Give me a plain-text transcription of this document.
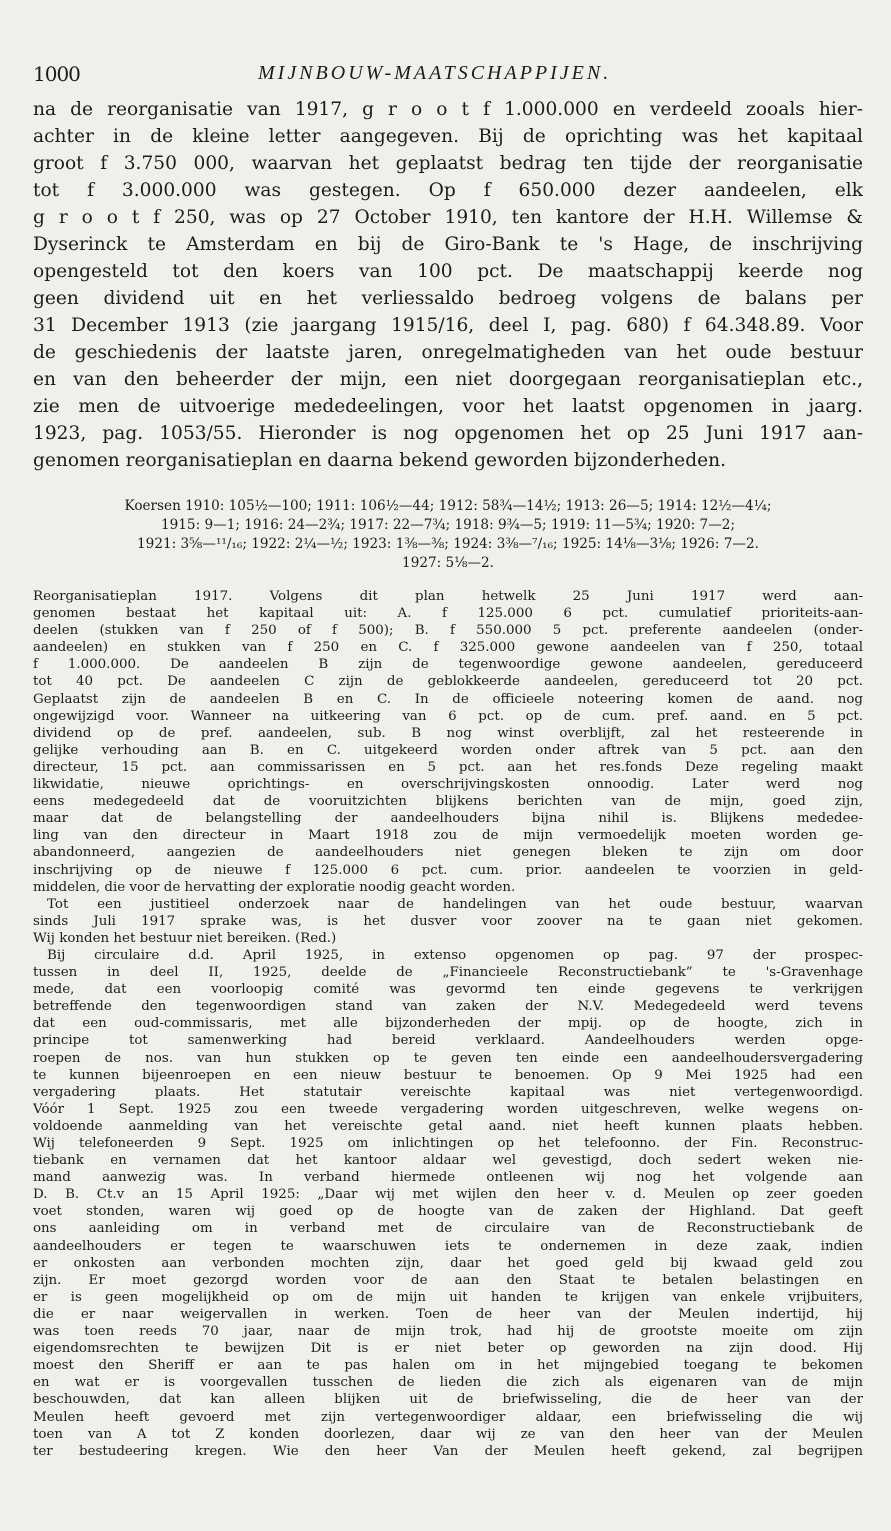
1000	MIJNBOUW-MAATSCHAPPIJEN.
na de reorganisatie van 1917, g r o o t f 1.000.000 en verdeeld zooals hier-
achter in de kleine letter aangegeven. Bij de oprichting was het kapitaal
groot f 3.750 000, waarvan het geplaatst bedrag ten tijde der reorganisatie
tot f 3.000.000 was gestegen. Op f 650.000 dezer aandeelen, elk
g r o o t f 250, was op 27 October 1910, ten kantore der H.H. Willemse &
Dyserinck te Amsterdam en bij de Giro-Bank te 's Hage, de inschrijving
opengesteld tot den koers van 100 pct. De maatschappij keerde nog
geen dividend uit en het verliessaldo bedroeg volgens de balans per
31 December 1913 (zie jaargang 1915/16, deel I, pag. 680) f 64.348.89. Voor
de geschiedenis der laatste jaren, onregelmatigheden van het oude bestuur
en van den beheerder der mijn, een niet doorgegaan reorganisatieplan etc.,
zie men de uitvoerige mededeelingen, voor het laatst opgenomen in jaarg.
1923, pag. 1053/55. Hieronder is nog opgenomen het op 25 Juni 1917 aan-
genomen reorganisatieplan en daarna bekend geworden bijzonderheden.
Koersen 1910: 105½—100; 1911: 106½—44; 1912: 58¾—14½; 1913: 26—5; 1914: 12½—4¼;
1915: 9—1; 1916: 24—2¾; 1917: 22—7¾; 1918: 9¾—5; 1919: 11—5¾; 1920: 7—2;
1921: 3⅝—¹¹/₁₆; 1922: 2¼—½; 1923: 1⅜—⅜; 1924: 3⅜—⁷/₁₆; 1925: 14⅛—3⅛; 1926: 7—2.
1927: 5⅛—2.
Reorganisatieplan 1917. Volgens dit plan hetwelk 25 Juni 1917 werd aan-
genomen bestaat het kapitaal uit: A. f 125.000 6 pct. cumulatief prioriteits-aan-
deelen (stukken van f 250 of f 500); B. f 550.000 5 pct. preferente aandeelen (onder-
aandeelen) en stukken van f 250 en C. f 325.000 gewone aandeelen van f 250, totaal
f 1.000.000. De aandeelen B zijn de tegenwoordige gewone aandeelen, gereduceerd
tot 40 pct. De aandeelen C zijn de geblokkeerde aandeelen, gereduceerd tot 20 pct.
Geplaatst zijn de aandeelen B en C. In de officieele noteering komen de aand. nog
ongewijzigd voor. Wanneer na uitkeering van 6 pct. op de cum. pref. aand. en 5 pct.
dividend op de pref. aandeelen, sub. B nog winst overblijft, zal het resteerende in
gelijke verhouding aan B. en C. uitgekeerd worden onder aftrek van 5 pct. aan den
directeur, 15 pct. aan commissarissen en 5 pct. aan het res.fonds Deze regeling maakt
likwidatie, nieuwe oprichtings- en overschrijvingskosten onnoodig. Later werd nog
eens medegedeeld dat de vooruitzichten blijkens berichten van de mijn, goed zijn,
maar dat de belangstelling der aandeelhouders bijna nihil is. Blijkens mededee-
ling van den directeur in Maart 1918 zou de mijn vermoedelijk moeten worden ge-
abandonneerd, aangezien de aandeelhouders niet genegen bleken te zijn om door
inschrijving op de nieuwe f 125.000 6 pct. cum. prior. aandeelen te voorzien in geld-
middelen, die voor de hervatting der exploratie noodig geacht worden.
Tot een justitieel onderzoek naar de handelingen van het oude bestuur, waarvan
sinds Juli 1917 sprake was, is het dusver voor zoover na te gaan niet gekomen.
Wij konden het bestuur niet bereiken. (Red.)
Bij circulaire d.d. April 1925, in extenso opgenomen op pag. 97 der prospec-
tussen in deel II, 1925, deelde de „Financieele Reconstructiebank” te 's-Gravenhage
mede, dat een voorloopig comité was gevormd ten einde gegevens te verkrijgen
betreffende den tegenwoordigen stand van zaken der N.V. Medegedeeld werd tevens
dat een oud-commissaris, met alle bijzonderheden der mpij. op de hoogte, zich in
principe tot samenwerking had bereid verklaard. Aandeelhouders werden opge-
roepen de nos. van hun stukken op te geven ten einde een aandeelhoudersvergadering
te kunnen bijeenroepen en een nieuw bestuur te benoemen. Op 9 Mei 1925 had een
vergadering plaats. Het statutair vereischte kapitaal was niet vertegenwoordigd.
Vóór 1 Sept. 1925 zou een tweede vergadering worden uitgeschreven, welke wegens on-
voldoende aanmelding van het vereischte getal aand. niet heeft kunnen plaats hebben.
Wij telefoneerden 9 Sept. 1925 om inlichtingen op het telefoonno. der Fin. Reconstruc-
tiebank en vernamen dat het kantoor aldaar wel gevestigd, doch sedert weken nie-
mand aanwezig was. In verband hiermede ontleenen wij nog het volgende aan
D. B. Ct.v an 15 April 1925: „Daar wij met wijlen den heer v. d. Meulen op zeer goeden
voet stonden, waren wij goed op de hoogte van de zaken der Highland. Dat geeft
ons aanleiding om in verband met de circulaire van de Reconstructiebank de
aandeelhouders er tegen te waarschuwen iets te ondernemen in deze zaak, indien
er onkosten aan verbonden mochten zijn, daar het goed geld bij kwaad geld zou
zijn. Er moet gezorgd worden voor de aan den Staat te betalen belastingen en
er is geen mogelijkheid op om de mijn uit handen te krijgen van enkele vrijbuiters,
die er naar weigervallen in werken. Toen de heer van der Meulen indertijd, hij
was toen reeds 70 jaar, naar de mijn trok, had hij de grootste moeite om zijn
eigendomsrechten te bewijzen Dit is er niet beter op geworden na zijn dood. Hij
moest den Sheriff er aan te pas halen om in het mijngebied toegang te bekomen
en wat er is voorgevallen tusschen de lieden die zich als eigenaren van de mijn
beschouwden, dat kan alleen blijken uit de briefwisseling, die de heer van der
Meulen heeft gevoerd met zijn vertegenwoordiger aldaar, een briefwisseling die wij
toen van A tot Z konden doorlezen, daar wij ze van den heer van der Meulen
ter bestudeering kregen. Wie den heer Van der Meulen heeft gekend, zal begrijpen
